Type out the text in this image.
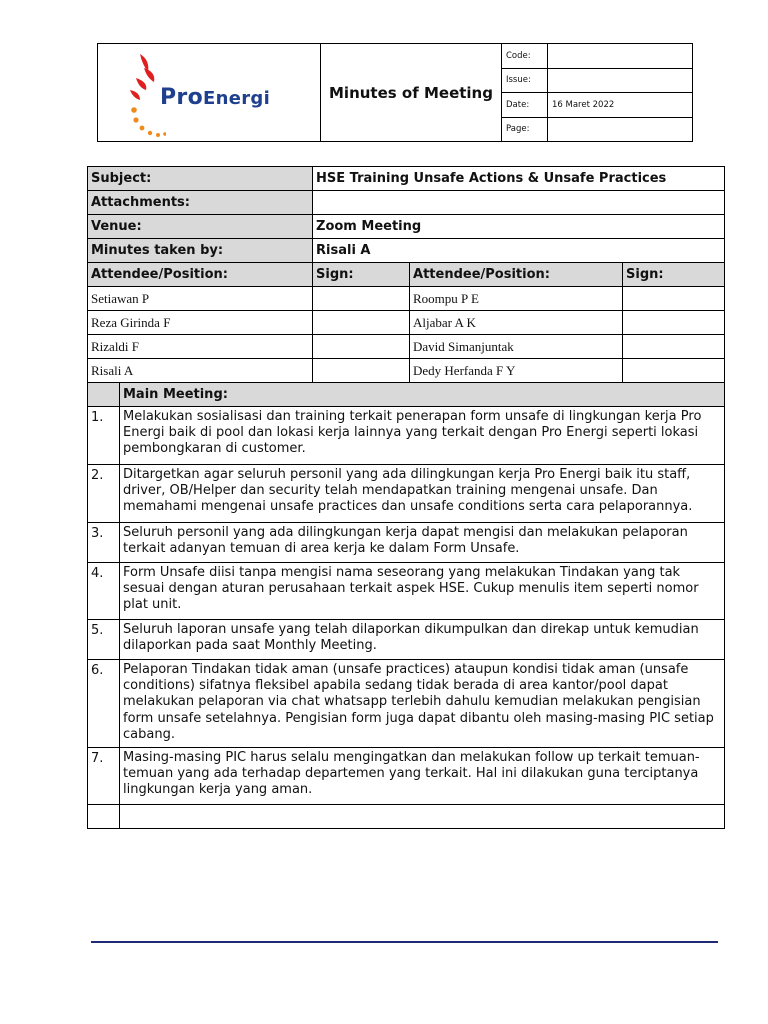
ProEnergi	Minutes of Meeting
Code:
Issue:
Date:	16 Maret 2022
Page:
Subject:		HSE Training Unsafe Actions & Unsafe Practices		
Attachments:				
Venue:		Zoom Meeting		
Minutes taken by:		Risali A		
Attendee/Position:		Sign:	Attendee/Position:	Sign:
Setiawan P			Roompu P E	
Reza Girinda F			Aljabar A K	
Rizaldi F			David Simanjuntak	
Risali A			Dedy Herfanda F Y	
	Main Meeting:			
1.	Melakukan sosialisasi dan training terkait penerapan form unsafe di lingkungan kerja Pro Energi baik di pool dan lokasi kerja lainnya yang terkait dengan Pro Energi seperti lokasi pembongkaran di customer.			
2.	Ditargetkan agar seluruh personil yang ada dilingkungan kerja Pro Energi baik itu staff, driver, OB/Helper dan security telah mendapatkan training mengenai unsafe. Dan memahami mengenai unsafe practices dan unsafe conditions serta cara pelaporannya.			
3.	Seluruh personil yang ada dilingkungan kerja dapat mengisi dan melakukan pelaporan terkait adanyan temuan di area kerja ke dalam Form Unsafe.			
4.	Form Unsafe diisi tanpa mengisi nama seseorang yang melakukan Tindakan yang tak sesuai dengan aturan perusahaan terkait aspek HSE. Cukup menulis item seperti nomor plat unit.			
5.	Seluruh laporan unsafe yang telah dilaporkan dikumpulkan dan direkap untuk kemudian dilaporkan pada saat Monthly Meeting.			
6.	Pelaporan Tindakan tidak aman (unsafe practices) ataupun kondisi tidak aman (unsafe conditions) sifatnya fleksibel apabila sedang tidak berada di area kantor/pool dapat melakukan pelaporan via chat whatsapp terlebih dahulu kemudian melakukan pengisian form unsafe setelahnya. Pengisian form juga dapat dibantu oleh masing-masing PIC setiap cabang.			
7.	Masing-masing PIC harus selalu mengingatkan dan melakukan follow up terkait temuan-temuan yang ada terhadap departemen yang terkait. Hal ini dilakukan guna terciptanya lingkungan kerja yang aman.			
